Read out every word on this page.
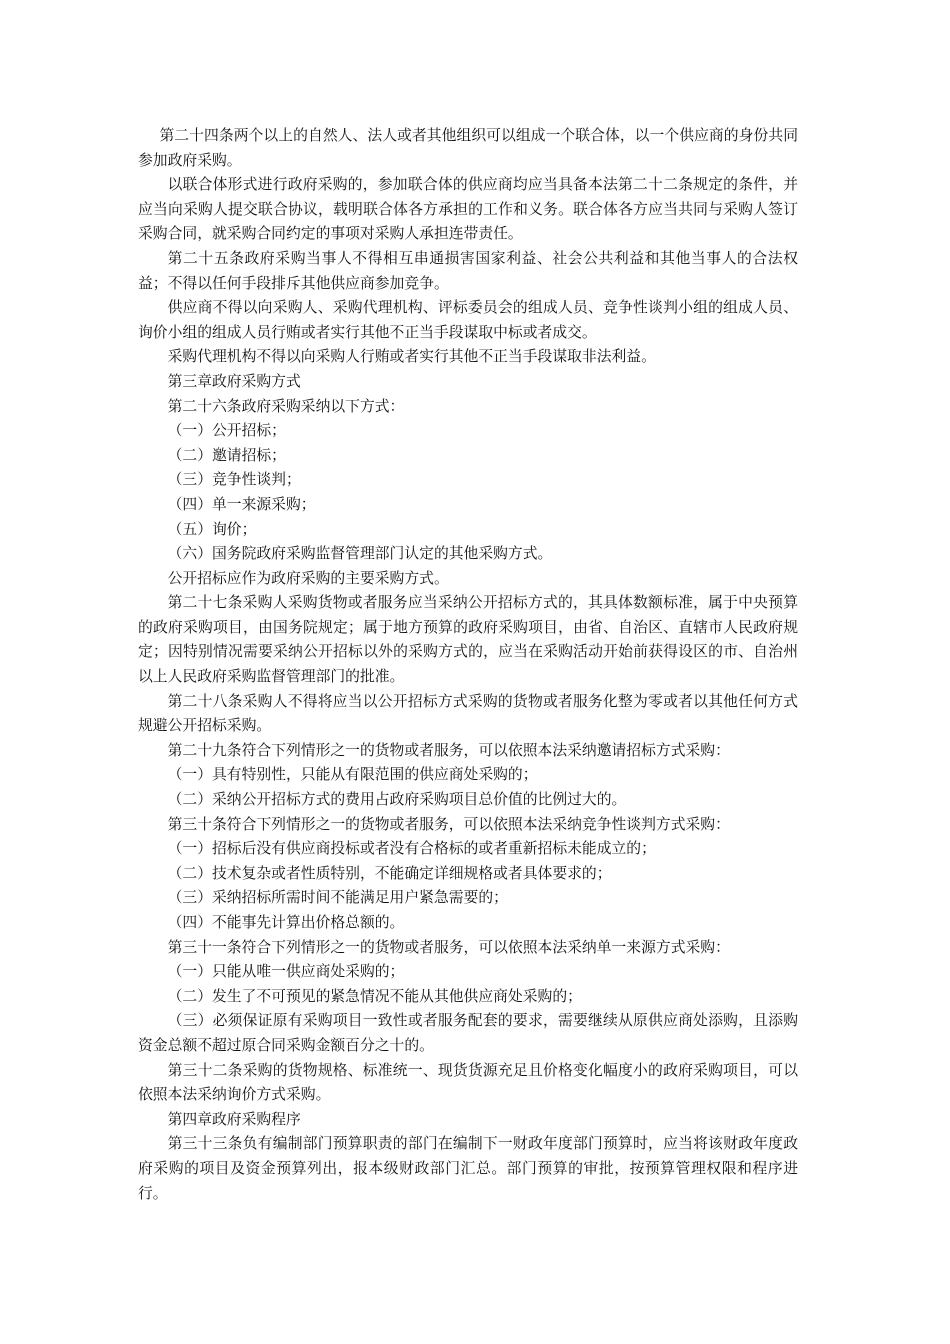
第二十四条两个以上的自然人、法人或者其他组织可以组成一个联合体，以一个供应商的身份共同参加政府采购。

以联合体形式进行政府采购的，参加联合体的供应商均应当具备本法第二十二条规定的条件，并应当向采购人提交联合协议，载明联合体各方承担的工作和义务。联合体各方应当共同与采购人签订采购合同，就采购合同约定的事项对采购人承担连带责任。

第二十五条政府采购当事人不得相互串通损害国家利益、社会公共利益和其他当事人的合法权益；不得以任何手段排斥其他供应商参加竞争。

供应商不得以向采购人、采购代理机构、评标委员会的组成人员、竞争性谈判小组的组成人员、询价小组的组成人员行贿或者实行其他不正当手段谋取中标或者成交。

采购代理机构不得以向采购人行贿或者实行其他不正当手段谋取非法利益。

第三章政府采购方式

第二十六条政府采购采纳以下方式：

（一）公开招标；

（二）邀请招标；

（三）竞争性谈判；

（四）单一来源采购；

（五）询价；

（六）国务院政府采购监督管理部门认定的其他采购方式。

公开招标应作为政府采购的主要采购方式。

第二十七条采购人采购货物或者服务应当采纳公开招标方式的，其具体数额标准，属于中央预算的政府采购项目，由国务院规定；属于地方预算的政府采购项目，由省、自治区、直辖市人民政府规定；因特别情况需要采纳公开招标以外的采购方式的，应当在采购活动开始前获得设区的市、自治州以上人民政府采购监督管理部门的批准。

第二十八条采购人不得将应当以公开招标方式采购的货物或者服务化整为零或者以其他任何方式规避公开招标采购。

第二十九条符合下列情形之一的货物或者服务，可以依照本法采纳邀请招标方式采购：

（一）具有特别性，只能从有限范围的供应商处采购的；

（二）采纳公开招标方式的费用占政府采购项目总价值的比例过大的。

第三十条符合下列情形之一的货物或者服务，可以依照本法采纳竞争性谈判方式采购：

（一）招标后没有供应商投标或者没有合格标的或者重新招标未能成立的；

（二）技术复杂或者性质特别，不能确定详细规格或者具体要求的；

（三）采纳招标所需时间不能满足用户紧急需要的；

（四）不能事先计算出价格总额的。

第三十一条符合下列情形之一的货物或者服务，可以依照本法采纳单一来源方式采购：

（一）只能从唯一供应商处采购的；

（二）发生了不可预见的紧急情况不能从其他供应商处采购的；

（三）必须保证原有采购项目一致性或者服务配套的要求，需要继续从原供应商处添购，且添购资金总额不超过原合同采购金额百分之十的。

第三十二条采购的货物规格、标准统一、现货货源充足且价格变化幅度小的政府采购项目，可以依照本法采纳询价方式采购。

第四章政府采购程序

第三十三条负有编制部门预算职责的部门在编制下一财政年度部门预算时，应当将该财政年度政府采购的项目及资金预算列出，报本级财政部门汇总。部门预算的审批，按预算管理权限和程序进行。
